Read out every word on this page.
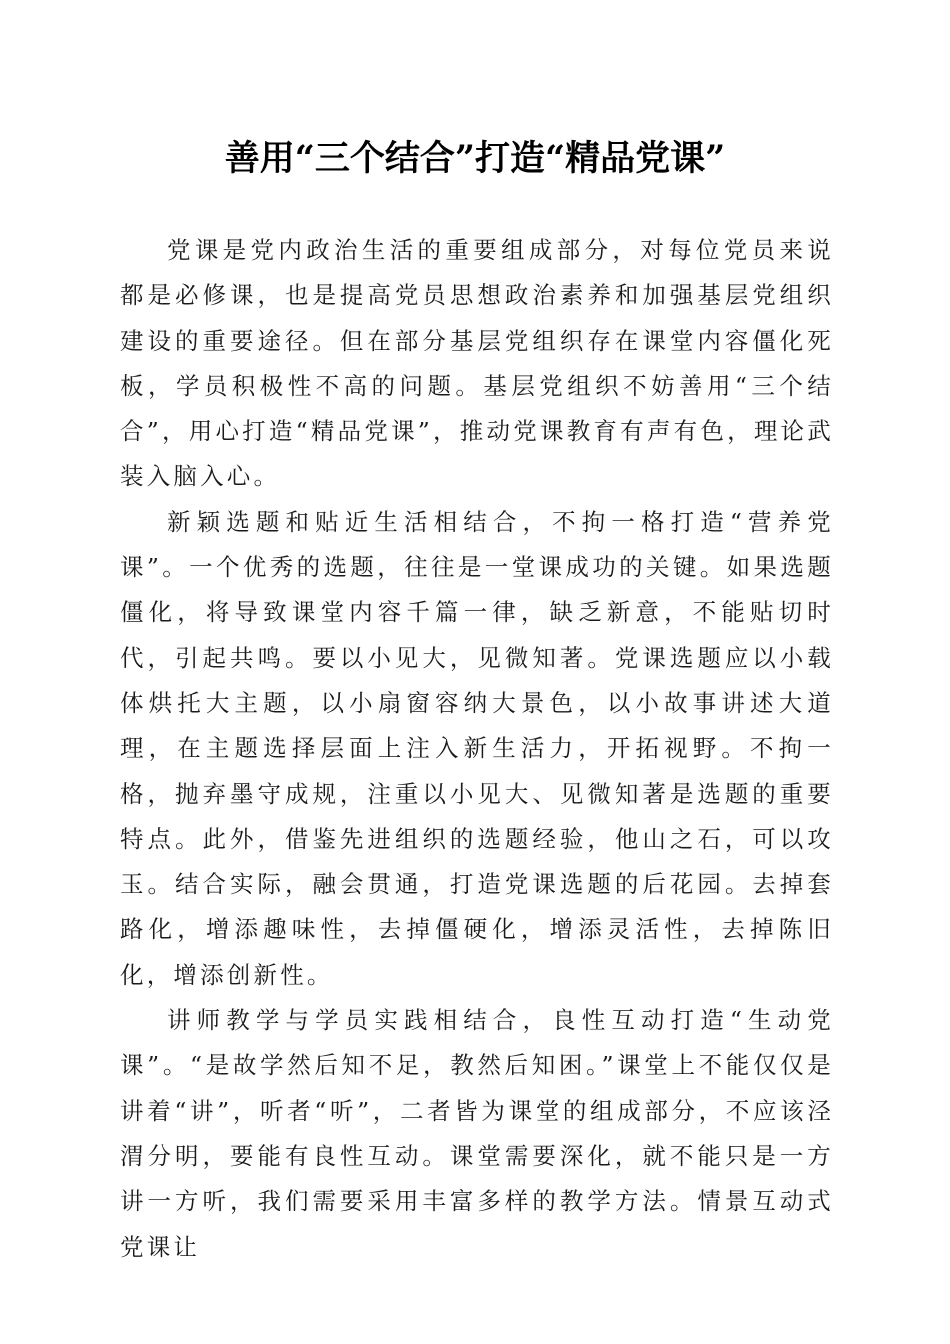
善用“三个结合”打造“精品党课”

党课是党内政治生活的重要组成部分，对每位党员来说都是必修课，也是提高党员思想政治素养和加强基层党组织建设的重要途径。但在部分基层党组织存在课堂内容僵化死板，学员积极性不高的问题。基层党组织不妨善用“三个结合”，用心打造“精品党课”，推动党课教育有声有色，理论武装入脑入心。

新颖选题和贴近生活相结合，不拘一格打造“营养党课”。一个优秀的选题，往往是一堂课成功的关键。如果选题僵化，将导致课堂内容千篇一律，缺乏新意，不能贴切时代，引起共鸣。要以小见大，见微知著。党课选题应以小载体烘托大主题，以小扇窗容纳大景色，以小故事讲述大道理，在主题选择层面上注入新生活力，开拓视野。不拘一格，抛弃墨守成规，注重以小见大、见微知著是选题的重要特点。此外，借鉴先进组织的选题经验，他山之石，可以攻玉。结合实际，融会贯通，打造党课选题的后花园。去掉套路化，增添趣味性，去掉僵硬化，增添灵活性，去掉陈旧化，增添创新性。

讲师教学与学员实践相结合，良性互动打造“生动党课”。“是故学然后知不足，教然后知困。”课堂上不能仅仅是讲着“讲”，听者“听”，二者皆为课堂的组成部分，不应该泾渭分明，要能有良性互动。课堂需要深化，就不能只是一方讲一方听，我们需要采用丰富多样的教学方法。情景互动式党课让
